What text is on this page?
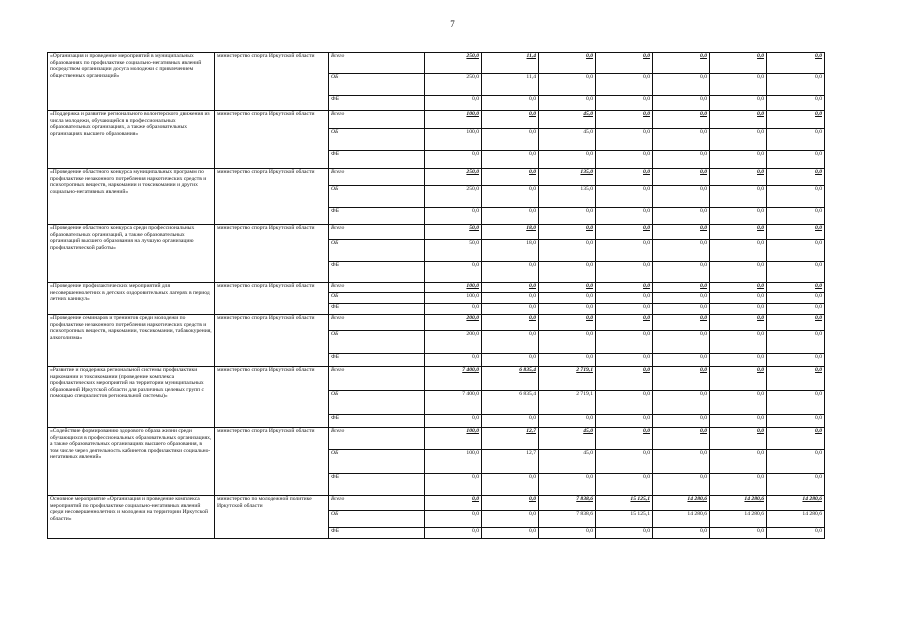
7
«Организация и проведение мероприятий в муниципальных образованиях по профилактике социально-негативных явлений посредством организации досуга молодежи с привлечением общественных организаций»	министерство спорта Иркутской области	Всего	250,0	11,4	0,0	0,0	0,0	0,0	0,0
		ОБ	250,0	11,4	0,0	0,0	0,0	0,0	0,0
		ФБ	0,0	0,0	0,0	0,0	0,0	0,0	0,0
«Поддержка и развитие регионального волонтерского движения из числа молодежи, обучающейся в профессиональных образовательных организациях, а также образовательных организациях высшего образования»	министерство спорта Иркутской области	Всего	100,0	0,0	45,0	0,0	0,0	0,0	0,0
		ОБ	100,0	0,0	45,0	0,0	0,0	0,0	0,0
		ФБ	0,0	0,0	0,0	0,0	0,0	0,0	0,0
«Проведение областного конкурса муниципальных программ по профилактике незаконного потребления наркотических средств и психотропных веществ, наркомании и токсикомании и других социально-негативных явлений»	министерство спорта Иркутской области	Всего	250,0	0,0	135,0	0,0	0,0	0,0	0,0
		ОБ	250,0	0,0	135,0	0,0	0,0	0,0	0,0
		ФБ	0,0	0,0	0,0	0,0	0,0	0,0	0,0
«Проведение областного конкурса среди профессиональных образовательных организаций, а также образовательных организаций высшего образования на лучшую организацию профилактической работы»	министерство спорта Иркутской области	Всего	50,0	18,0	0,0	0,0	0,0	0,0	0,0
		ОБ	50,0	18,0	0,0	0,0	0,0	0,0	0,0
		ФБ	0,0	0,0	0,0	0,0	0,0	0,0	0,0
«Проведение профилактических мероприятий для несовершеннолетних в детских оздоровительных лагерях в период летних каникул»	министерство спорта Иркутской области	Всего	100,0	0,0	0,0	0,0	0,0	0,0	0,0
		ОБ	100,0	0,0	0,0	0,0	0,0	0,0	0,0
		ФБ	0,0	0,0	0,0	0,0	0,0	0,0	0,0
«Проведение семинаров и тренингов среди молодежи по профилактике незаконного потребления наркотических средств и психотропных веществ, наркомании, токсикомании, табакокурения, алкоголизма»	министерство спорта Иркутской области	Всего	200,0	0,0	0,0	0,0	0,0	0,0	0,0
		ОБ	200,0	0,0	0,0	0,0	0,0	0,0	0,0
		ФБ	0,0	0,0	0,0	0,0	0,0	0,0	0,0
«Развитие и поддержка региональной системы профилактики наркомании и токсикомании (проведение комплекса профилактических мероприятий на территории муниципальных образований Иркутской области для различных целевых групп с помощью специалистов региональной системы)»	министерство спорта Иркутской области	Всего	7 400,0	6 835,4	2 719,1	0,0	0,0	0,0	0,0
		ОБ	7 400,0	6 835,4	2 719,1	0,0	0,0	0,0	0,0
		ФБ	0,0	0,0	0,0	0,0	0,0	0,0	0,0
«Содействие формированию здорового образа жизни среди обучающихся в профессиональных образовательных организациях, а также образовательных организациях высшего образования, в том числе через деятельность кабинетов профилактики социально-негативных явлений»	министерство спорта Иркутской области	Всего	100,0	12,7	45,0	0,0	0,0	0,0	0,0
		ОБ	100,0	12,7	45,0	0,0	0,0	0,0	0,0
		ФБ	0,0	0,0	0,0	0,0	0,0	0,0	0,0
Основное мероприятие «Организация и проведение комплекса мероприятий по профилактике социально-негативных явлений среди несовершеннолетних и молодежи на территории Иркутской области»	министерство по молодежной политике Иркутской области	Всего	0,0	0,0	7 838,6	15 125,1	14 280,6	14 280,6	14 280,6
		ОБ	0,0	0,0	7 838,6	15 125,1	14 280,6	14 280,6	14 280,6
		ФБ	0,0	0,0	0,0	0,0	0,0	0,0	0,0
